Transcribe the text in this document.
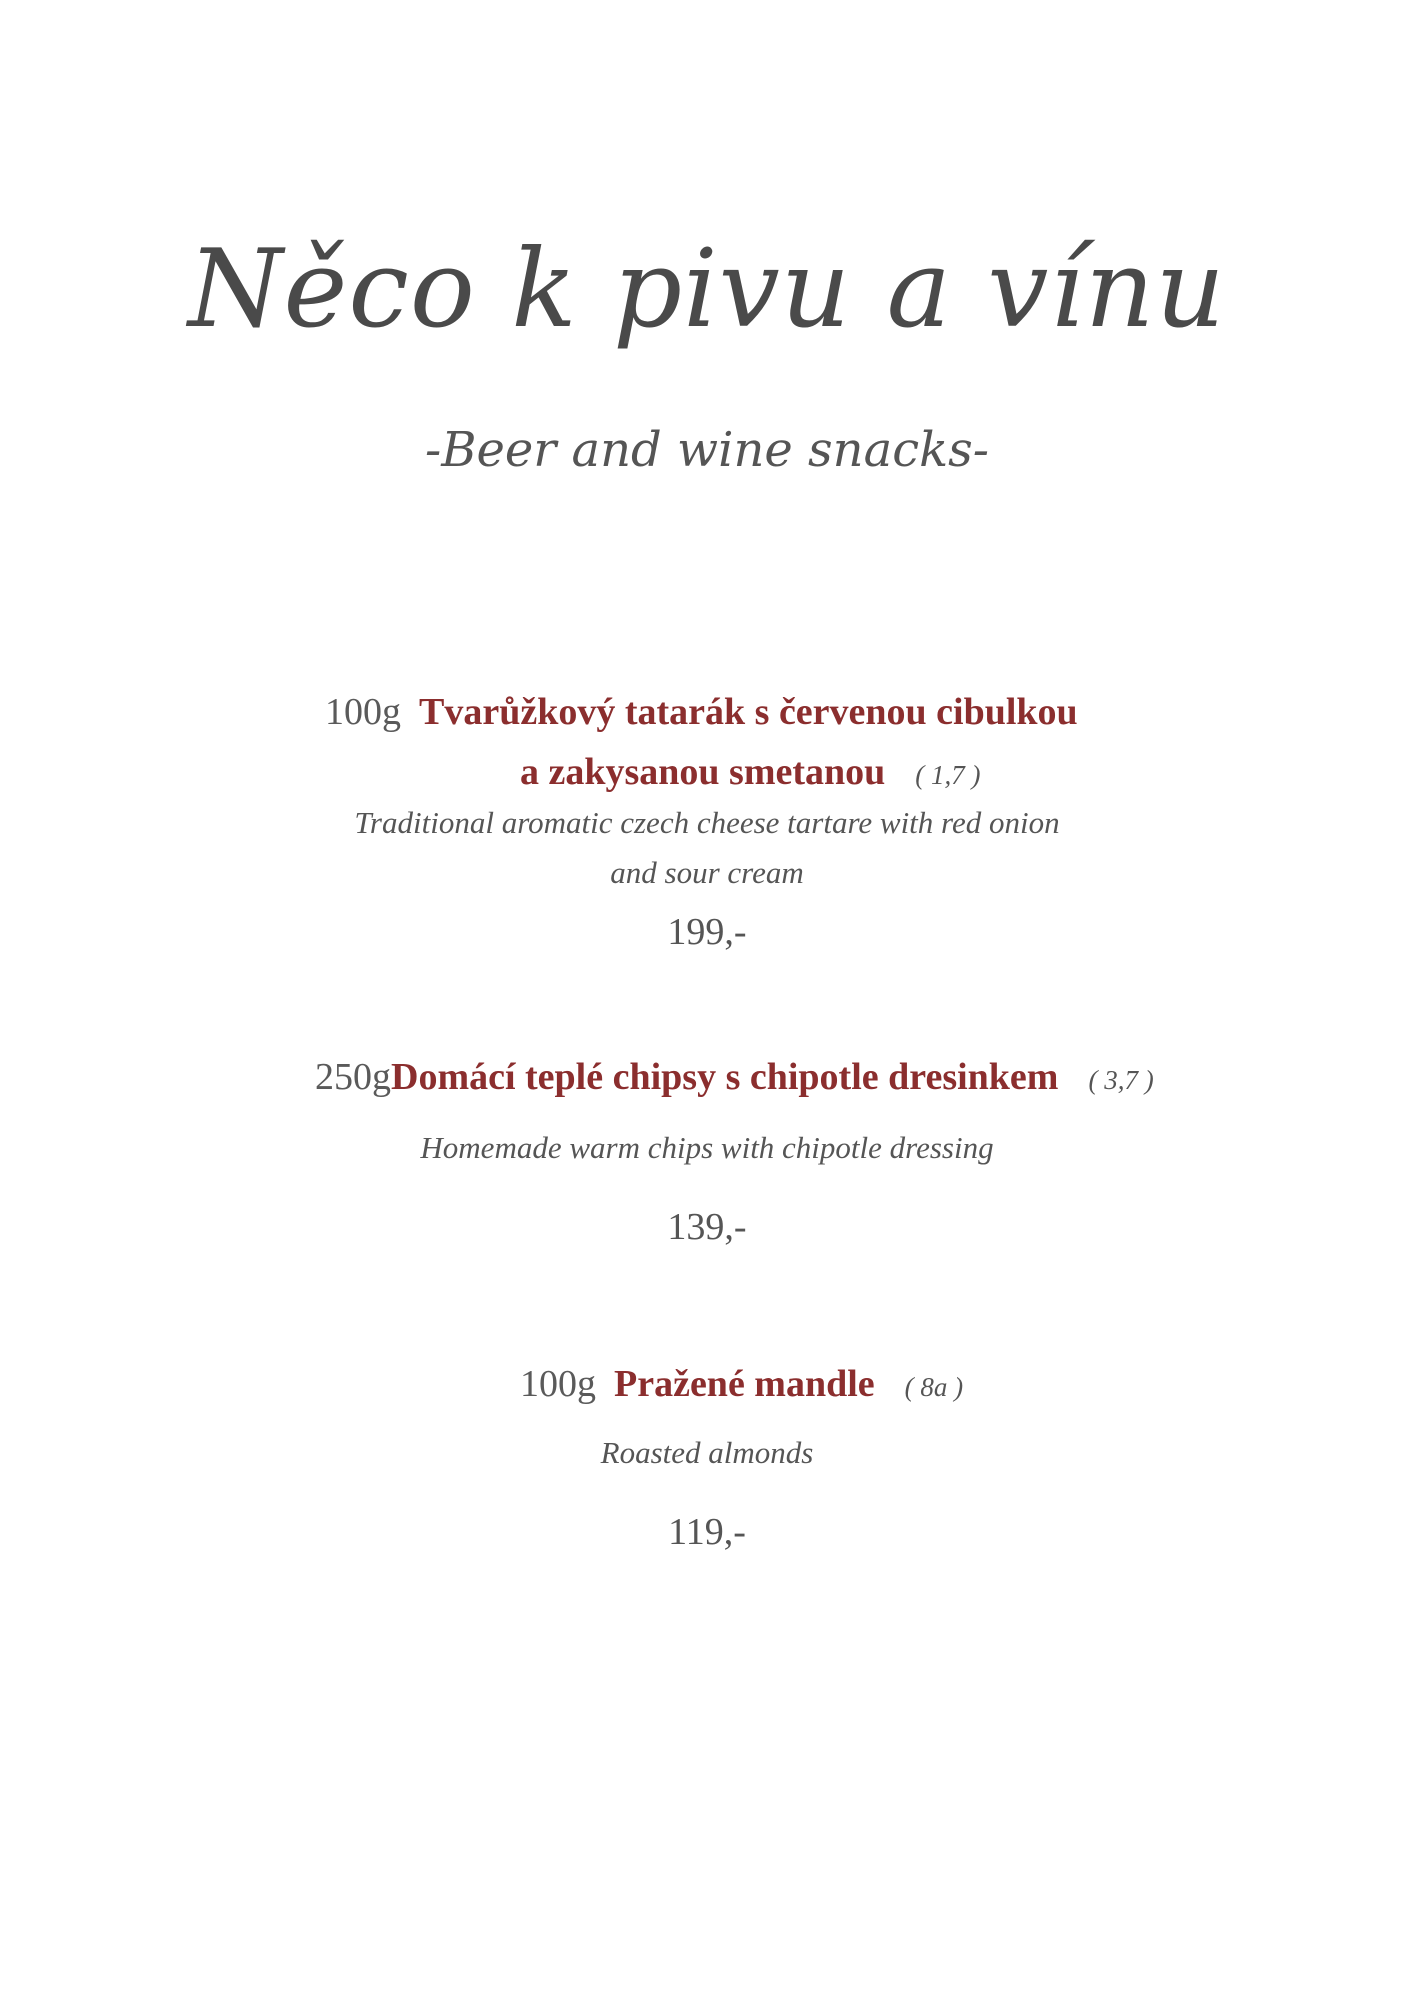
Něco k pivu a vínu
-Beer and wine snacks-
100g Tvarůžkový tatarák s červenou cibulkou
a zakysanou smetanou ( 1,7 )
Traditional aromatic czech cheese tartare with red onion
and sour cream
199,-
250gDomácí teplé chipsy s chipotle dresinkem ( 3,7 )
Homemade warm chips with chipotle dressing
139,-
100g Pražené mandle ( 8a )
Roasted almonds
119,-
